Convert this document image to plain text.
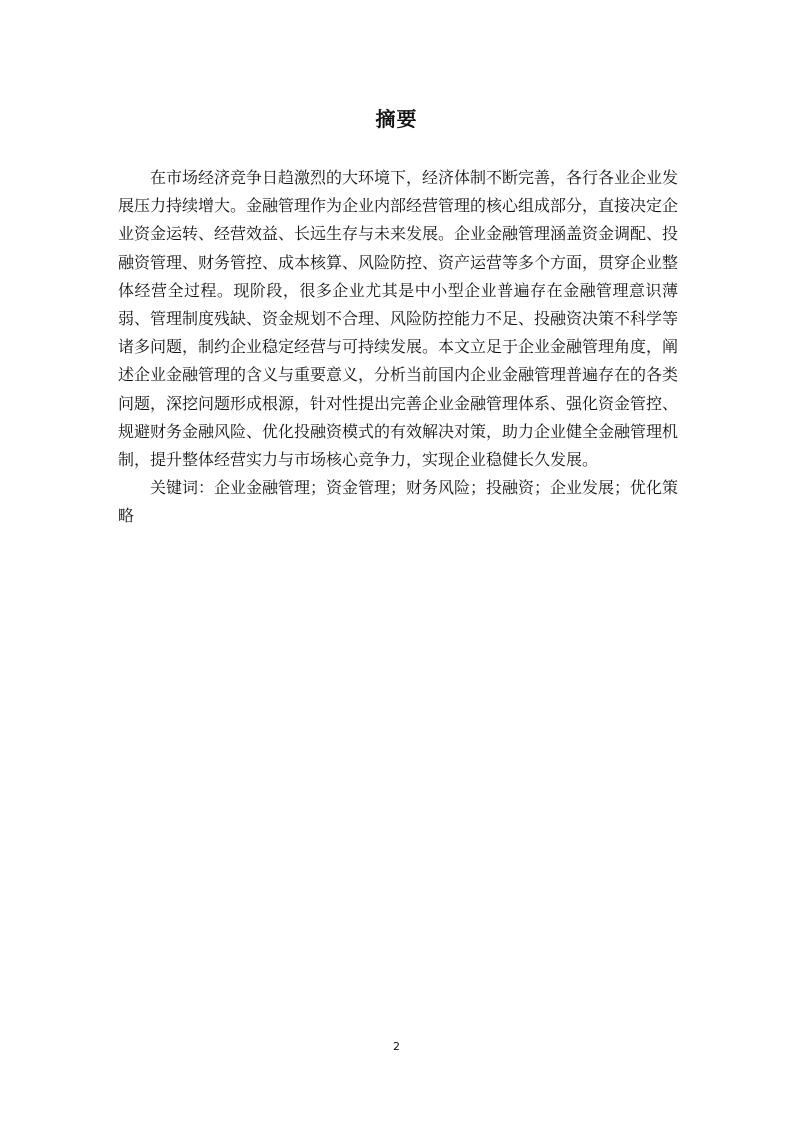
摘要

在市场经济竞争日趋激烈的大环境下，经济体制不断完善，各行各业企业发展压力持续增大。金融管理作为企业内部经营管理的核心组成部分，直接决定企业资金运转、经营效益、长远生存与未来发展。企业金融管理涵盖资金调配、投融资管理、财务管控、成本核算、风险防控、资产运营等多个方面，贯穿企业整体经营全过程。现阶段，很多企业尤其是中小型企业普遍存在金融管理意识薄弱、管理制度残缺、资金规划不合理、风险防控能力不足、投融资决策不科学等诸多问题，制约企业稳定经营与可持续发展。本文立足于企业金融管理角度，阐述企业金融管理的含义与重要意义，分析当前国内企业金融管理普遍存在的各类问题，深挖问题形成根源，针对性提出完善企业金融管理体系、强化资金管控、规避财务金融风险、优化投融资模式的有效解决对策，助力企业健全金融管理机制，提升整体经营实力与市场核心竞争力，实现企业稳健长久发展。

关键词：企业金融管理；资金管理；财务风险；投融资；企业发展；优化策略

2
